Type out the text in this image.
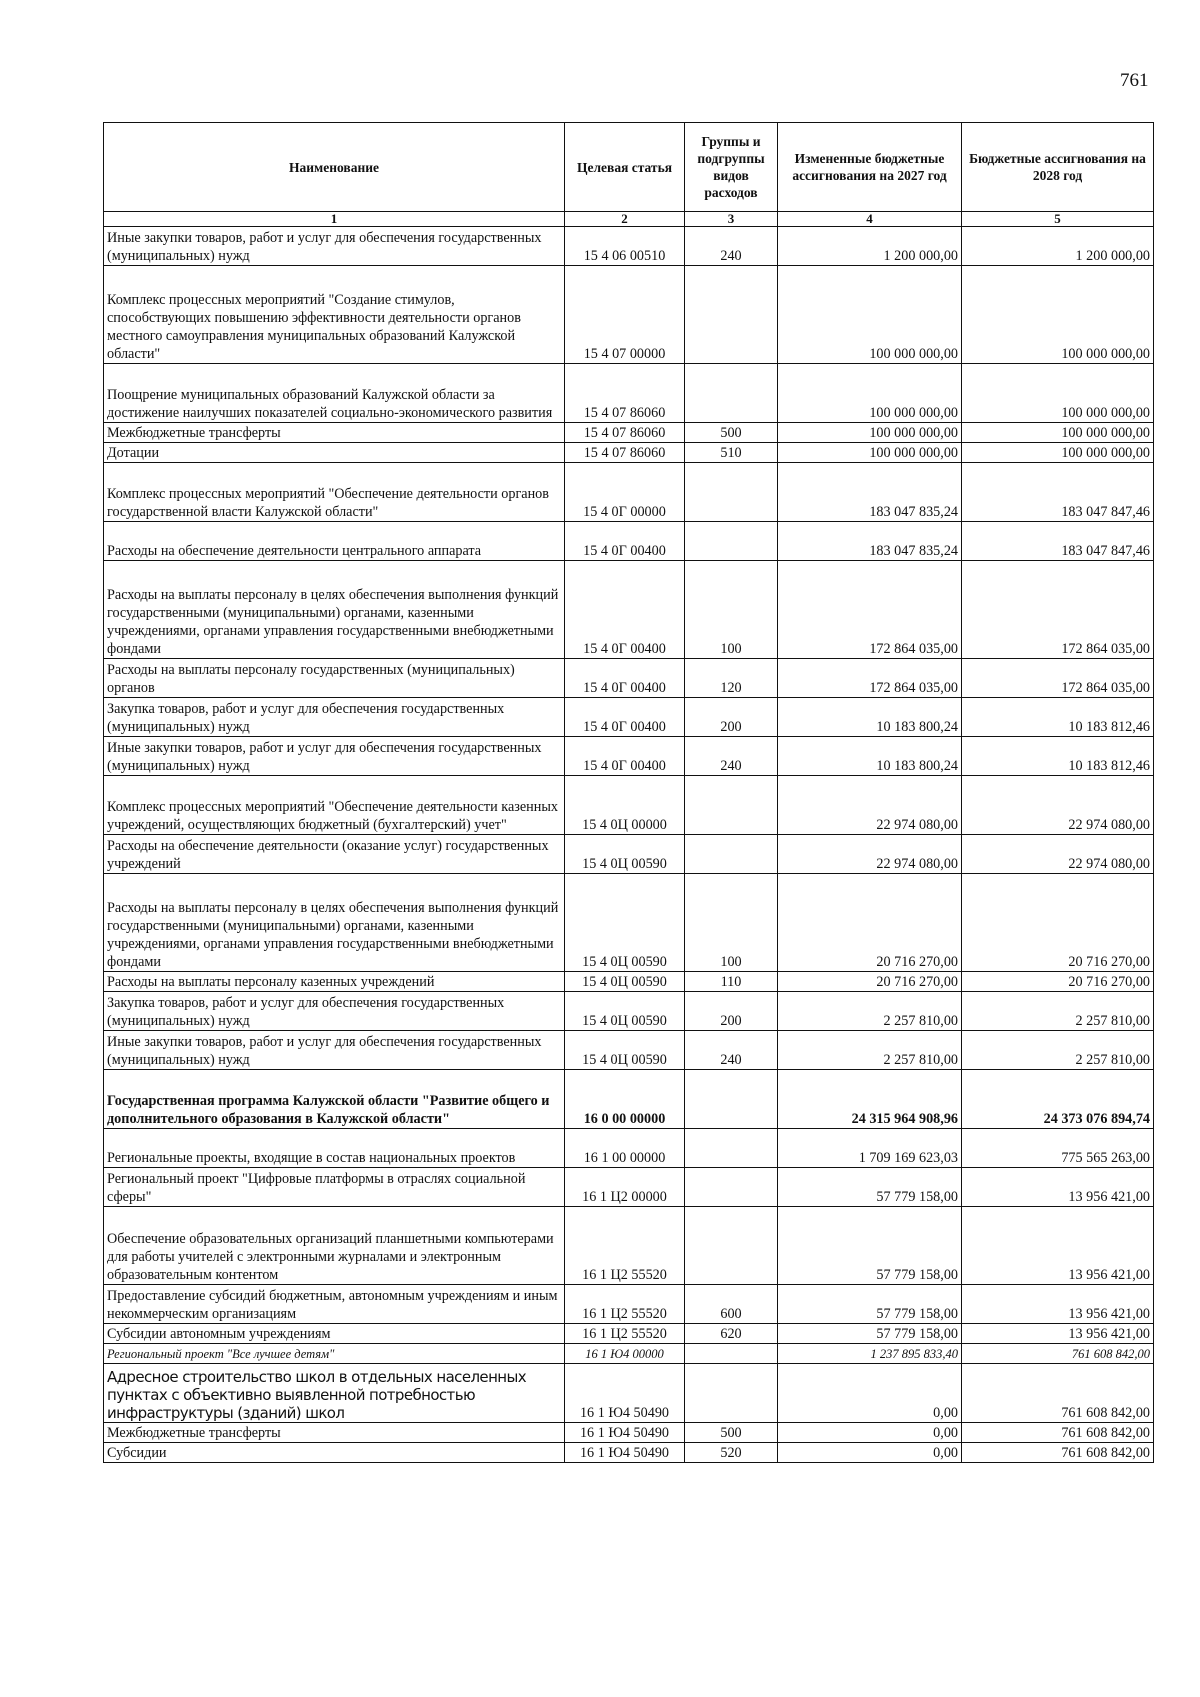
761
Наименование	Целевая статья	Группы и подгруппы видов расходов	Измененные бюджетные ассигнования на 2027 год	Бюджетные ассигнования на 2028 год
1	2	3	4	5
Иные закупки товаров, работ и услуг для обеспечения государственных (муниципальных) нужд	15 4 06 00510	240	1 200 000,00	1 200 000,00
Комплекс процессных мероприятий "Создание стимулов, способствующих повышению эффективности деятельности органов местного самоуправления муниципальных образований Калужской области"	15 4 07 00000		100 000 000,00	100 000 000,00
Поощрение муниципальных образований Калужской области за достижение наилучших показателей социально-экономического развития	15 4 07 86060		100 000 000,00	100 000 000,00
Межбюджетные трансферты	15 4 07 86060	500	100 000 000,00	100 000 000,00
Дотации	15 4 07 86060	510	100 000 000,00	100 000 000,00
Комплекс процессных мероприятий "Обеспечение деятельности органов государственной власти Калужской области"	15 4 0Г 00000		183 047 835,24	183 047 847,46
Расходы на обеспечение деятельности центрального аппарата	15 4 0Г 00400		183 047 835,24	183 047 847,46
Расходы на выплаты персоналу в целях обеспечения выполнения функций государственными (муниципальными) органами, казенными учреждениями, органами управления государственными внебюджетными фондами	15 4 0Г 00400	100	172 864 035,00	172 864 035,00
Расходы на выплаты персоналу государственных (муниципальных) органов	15 4 0Г 00400	120	172 864 035,00	172 864 035,00
Закупка товаров, работ и услуг для обеспечения государственных (муниципальных) нужд	15 4 0Г 00400	200	10 183 800,24	10 183 812,46
Иные закупки товаров, работ и услуг для обеспечения государственных (муниципальных) нужд	15 4 0Г 00400	240	10 183 800,24	10 183 812,46
Комплекс процессных мероприятий "Обеспечение деятельности казенных учреждений, осуществляющих бюджетный (бухгалтерский) учет"	15 4 0Ц 00000		22 974 080,00	22 974 080,00
Расходы на обеспечение деятельности (оказание услуг) государственных учреждений	15 4 0Ц 00590		22 974 080,00	22 974 080,00
Расходы на выплаты персоналу в целях обеспечения выполнения функций государственными (муниципальными) органами, казенными учреждениями, органами управления государственными внебюджетными фондами	15 4 0Ц 00590	100	20 716 270,00	20 716 270,00
Расходы на выплаты персоналу казенных учреждений	15 4 0Ц 00590	110	20 716 270,00	20 716 270,00
Закупка товаров, работ и услуг для обеспечения государственных (муниципальных) нужд	15 4 0Ц 00590	200	2 257 810,00	2 257 810,00
Иные закупки товаров, работ и услуг для обеспечения государственных (муниципальных) нужд	15 4 0Ц 00590	240	2 257 810,00	2 257 810,00
Государственная программа Калужской области "Развитие общего и дополнительного образования в Калужской области"	16 0 00 00000		24 315 964 908,96	24 373 076 894,74
Региональные проекты, входящие в состав национальных проектов	16 1 00 00000		1 709 169 623,03	775 565 263,00
Региональный проект "Цифровые платформы в отраслях социальной сферы"	16 1 Ц2 00000		57 779 158,00	13 956 421,00
Обеспечение образовательных организаций планшетными компьютерами для работы учителей с электронными журналами и электронным образовательным контентом	16 1 Ц2 55520		57 779 158,00	13 956 421,00
Предоставление субсидий бюджетным, автономным учреждениям и иным некоммерческим организациям	16 1 Ц2 55520	600	57 779 158,00	13 956 421,00
Субсидии автономным учреждениям	16 1 Ц2 55520	620	57 779 158,00	13 956 421,00
Региональный проект "Все лучшее детям"	16 1 Ю4 00000		1 237 895 833,40	761 608 842,00
Адресное строительство школ в отдельных населенных пунктах с объективно выявленной потребностью инфраструктуры (зданий) школ	16 1 Ю4 50490		0,00	761 608 842,00
Межбюджетные трансферты	16 1 Ю4 50490	500	0,00	761 608 842,00
Субсидии	16 1 Ю4 50490	520	0,00	761 608 842,00
